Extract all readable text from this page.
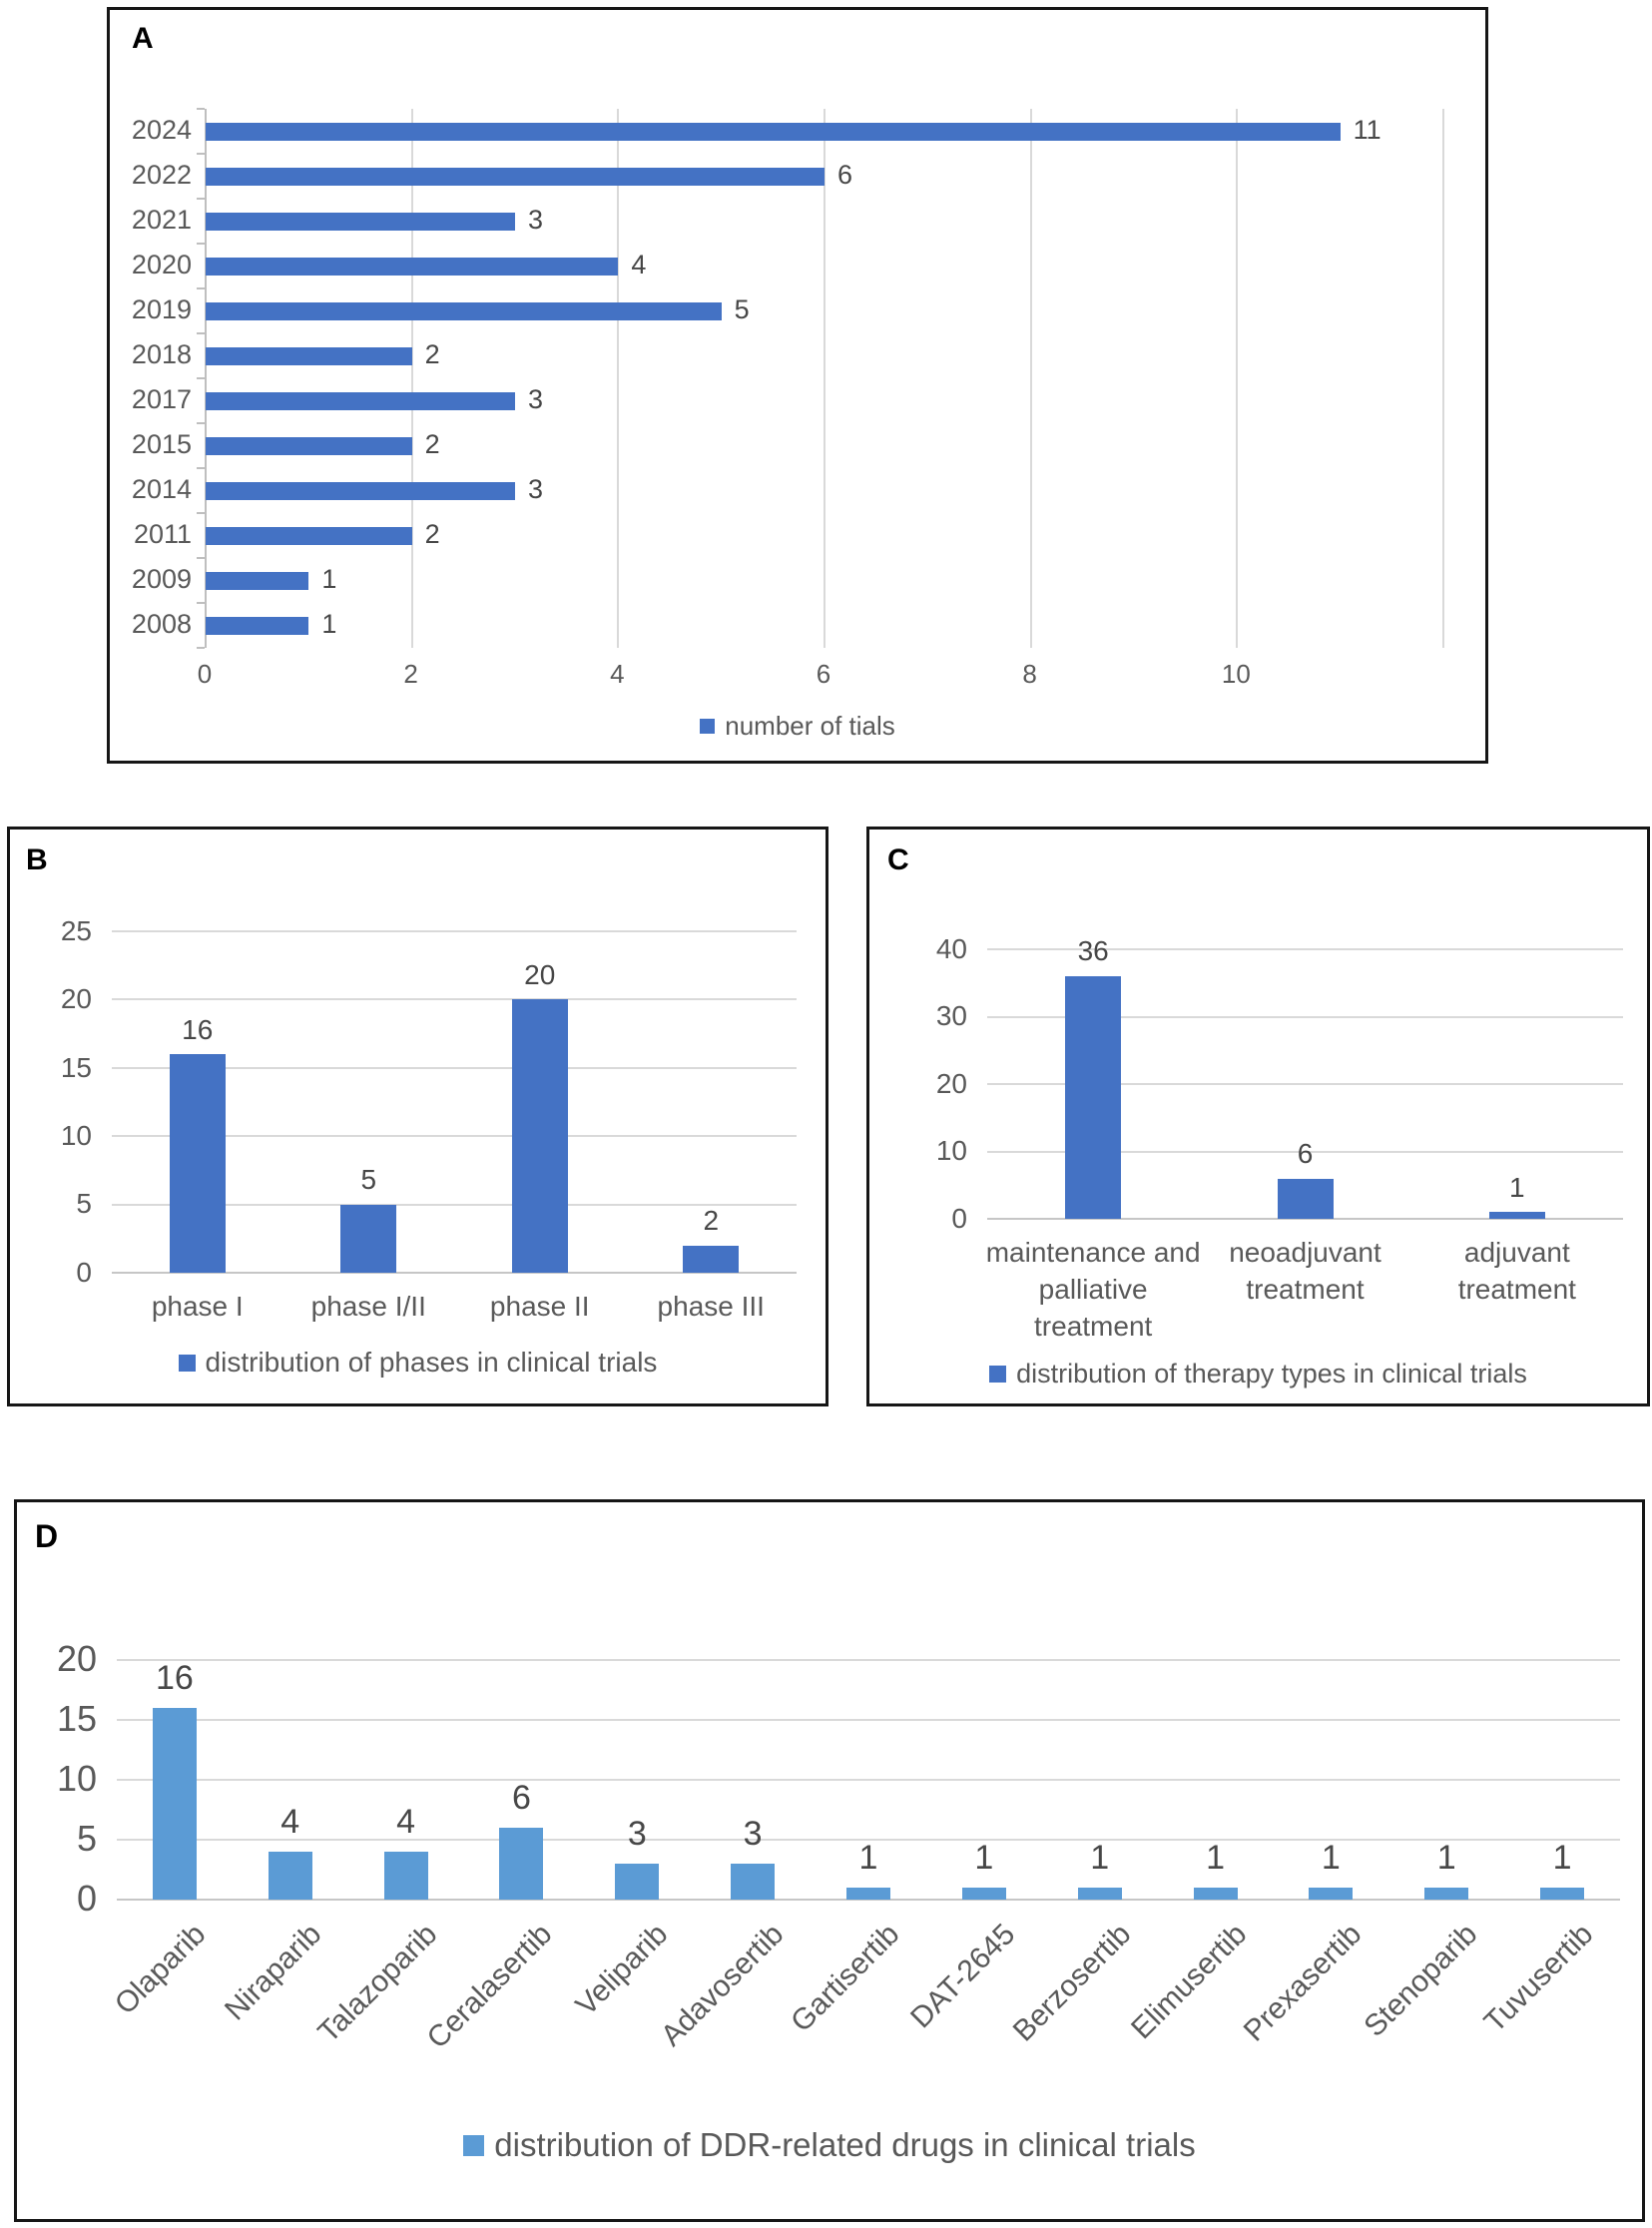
A
2024	11
2022	6
2021	3
2020	4
2019	5
2018	2
2017	3
2015	2
2014	3
2011	2
2009	1
2008	1
0	2	4	6	8	10
number of tials
B
0
5
10
15
20
25
16
phase I
5
phase I/II
20
phase II
2
phase III
distribution of phases in clinical trials
C
0
10
20
30
40	36
maintenance and palliative treatment
6
neoadjuvant treatment
1
adjuvant treatment
distribution of therapy types in clinical trials
D
0
5
10
15
20	16
Olaparib
4
Niraparib
4
Talazoparib
6
Ceralasertib
3
Veliparib
3
Adavosertib
1
Gartisertib
1
DAT-2645
1
Berzosertib
1
Elimusertib
1
Prexasertib
1
Stenoparib
1
Tuvusertib
distribution of DDR-related drugs in clinical trials
